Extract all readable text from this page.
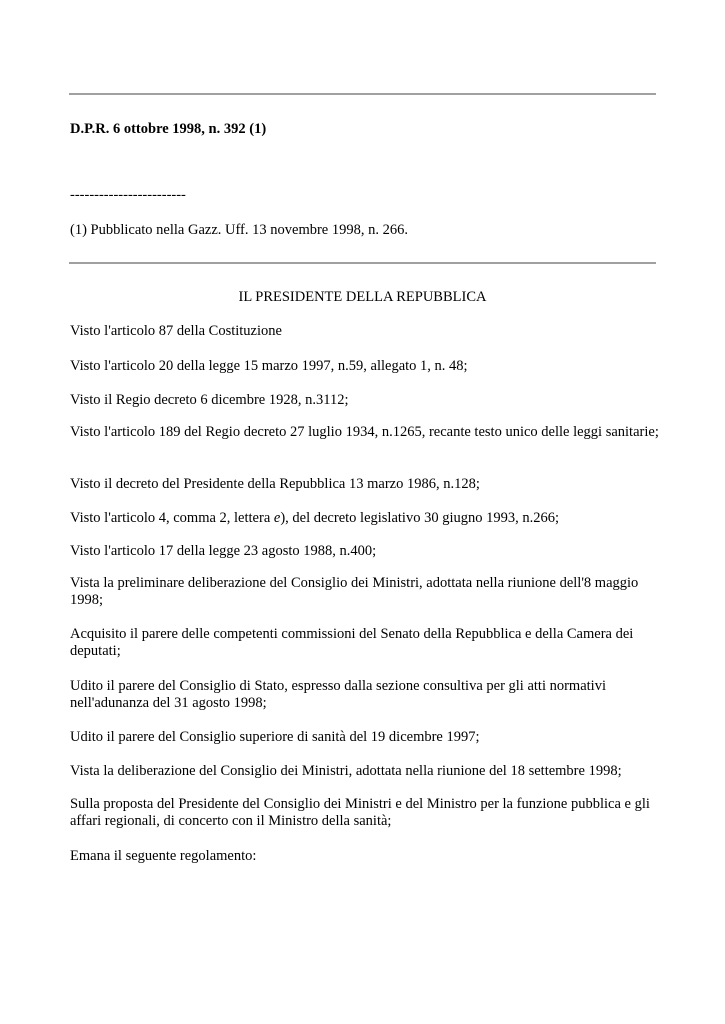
D.P.R. 6 ottobre 1998, n. 392 (1)
------------------------
(1) Pubblicato nella Gazz. Uff. 13 novembre 1998, n. 266.
IL PRESIDENTE DELLA REPUBBLICA
Visto l'articolo 87 della Costituzione
Visto l'articolo 20 della legge 15 marzo 1997, n.59, allegato 1, n. 48;
Visto il Regio decreto 6 dicembre 1928, n.3112;
Visto l'articolo 189 del Regio decreto 27 luglio 1934, n.1265, recante testo unico delle leggi sanitarie;
Visto il decreto del Presidente della Repubblica 13 marzo 1986, n.128;
Visto l'articolo 4, comma 2, lettera e), del decreto legislativo 30 giugno 1993, n.266;
Visto l'articolo 17 della legge 23 agosto 1988, n.400;
Vista la preliminare deliberazione del Consiglio dei Ministri, adottata nella riunione dell'8 maggio 1998;
Acquisito il parere delle competenti commissioni del Senato della Repubblica e della Camera dei deputati;
Udito il parere del Consiglio di Stato, espresso dalla sezione consultiva per gli atti normativi nell'adunanza del 31 agosto 1998;
Udito il parere del Consiglio superiore di sanità del 19 dicembre 1997;
Vista la deliberazione del Consiglio dei Ministri, adottata nella riunione del 18 settembre 1998;
Sulla proposta del Presidente del Consiglio dei Ministri e del Ministro per la funzione pubblica e gli affari regionali, di concerto con il Ministro della sanità;
Emana il seguente regolamento:
